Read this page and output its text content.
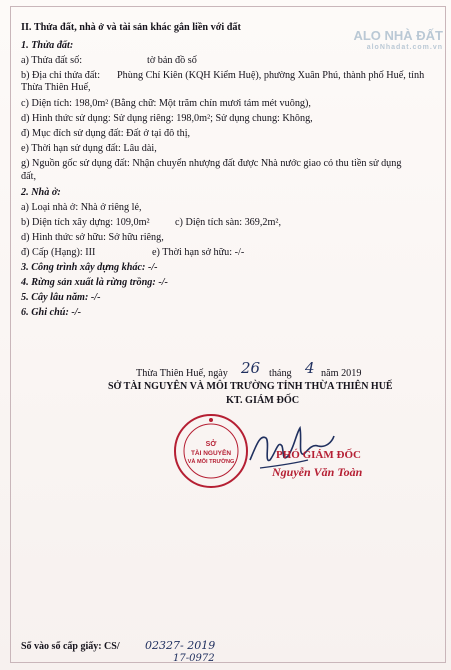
ALO NHÀ ĐẤT
aloNhadat.com.vn
II. Thửa đất, nhà ở và tài sản khác gắn liền với đất
1. Thửa đất:
a) Thửa đất số:	tờ bản đồ số
b) Địa chỉ thửa đất: Phùng Chí Kiên (KQH Kiểm Huệ), phường Xuân Phú, thành phố Huế, tỉnh
Thừa Thiên Huế,
c) Diện tích: 198,0m² (Bằng chữ: Một trăm chín mươi tám mét vuông),
d) Hình thức sử dụng: Sử dụng riêng: 198,0m²; Sử dụng chung: Không,
đ) Mục đích sử dụng đất: Đất ở tại đô thị,
e) Thời hạn sử dụng đất: Lâu dài,
g) Nguồn gốc sử dụng đất: Nhận chuyển nhượng đất được Nhà nước giao có thu tiền sử dụng
đất,
2. Nhà ở:
a) Loại nhà ở: Nhà ở riêng lẻ,
b) Diện tích xây dựng: 109,0m² c) Diện tích sàn: 369,2m²,
d) Hình thức sở hữu: Sở hữu riêng,
đ) Cấp (Hạng): III	e) Thời hạn sở hữu: -/-
3. Công trình xây dựng khác: -/-
4. Rừng sản xuất là rừng trồng: -/-
5. Cây lâu năm: -/-
6. Ghi chú: -/-
Thừa Thiên Huế, ngày 26 tháng 4 năm 2019
SỞ TÀI NGUYÊN VÀ MÔI TRƯỜNG TỈNH THỪA THIÊN HUẾ
KT. GIÁM ĐỐC
SỞ
TÀI NGUYÊN
VÀ MÔI TRƯỜNG
PHÓ GIÁM ĐỐC
Nguyễn Văn Toàn
Số vào sổ cấp giấy: CS/ 02327- 2019
17-0972
